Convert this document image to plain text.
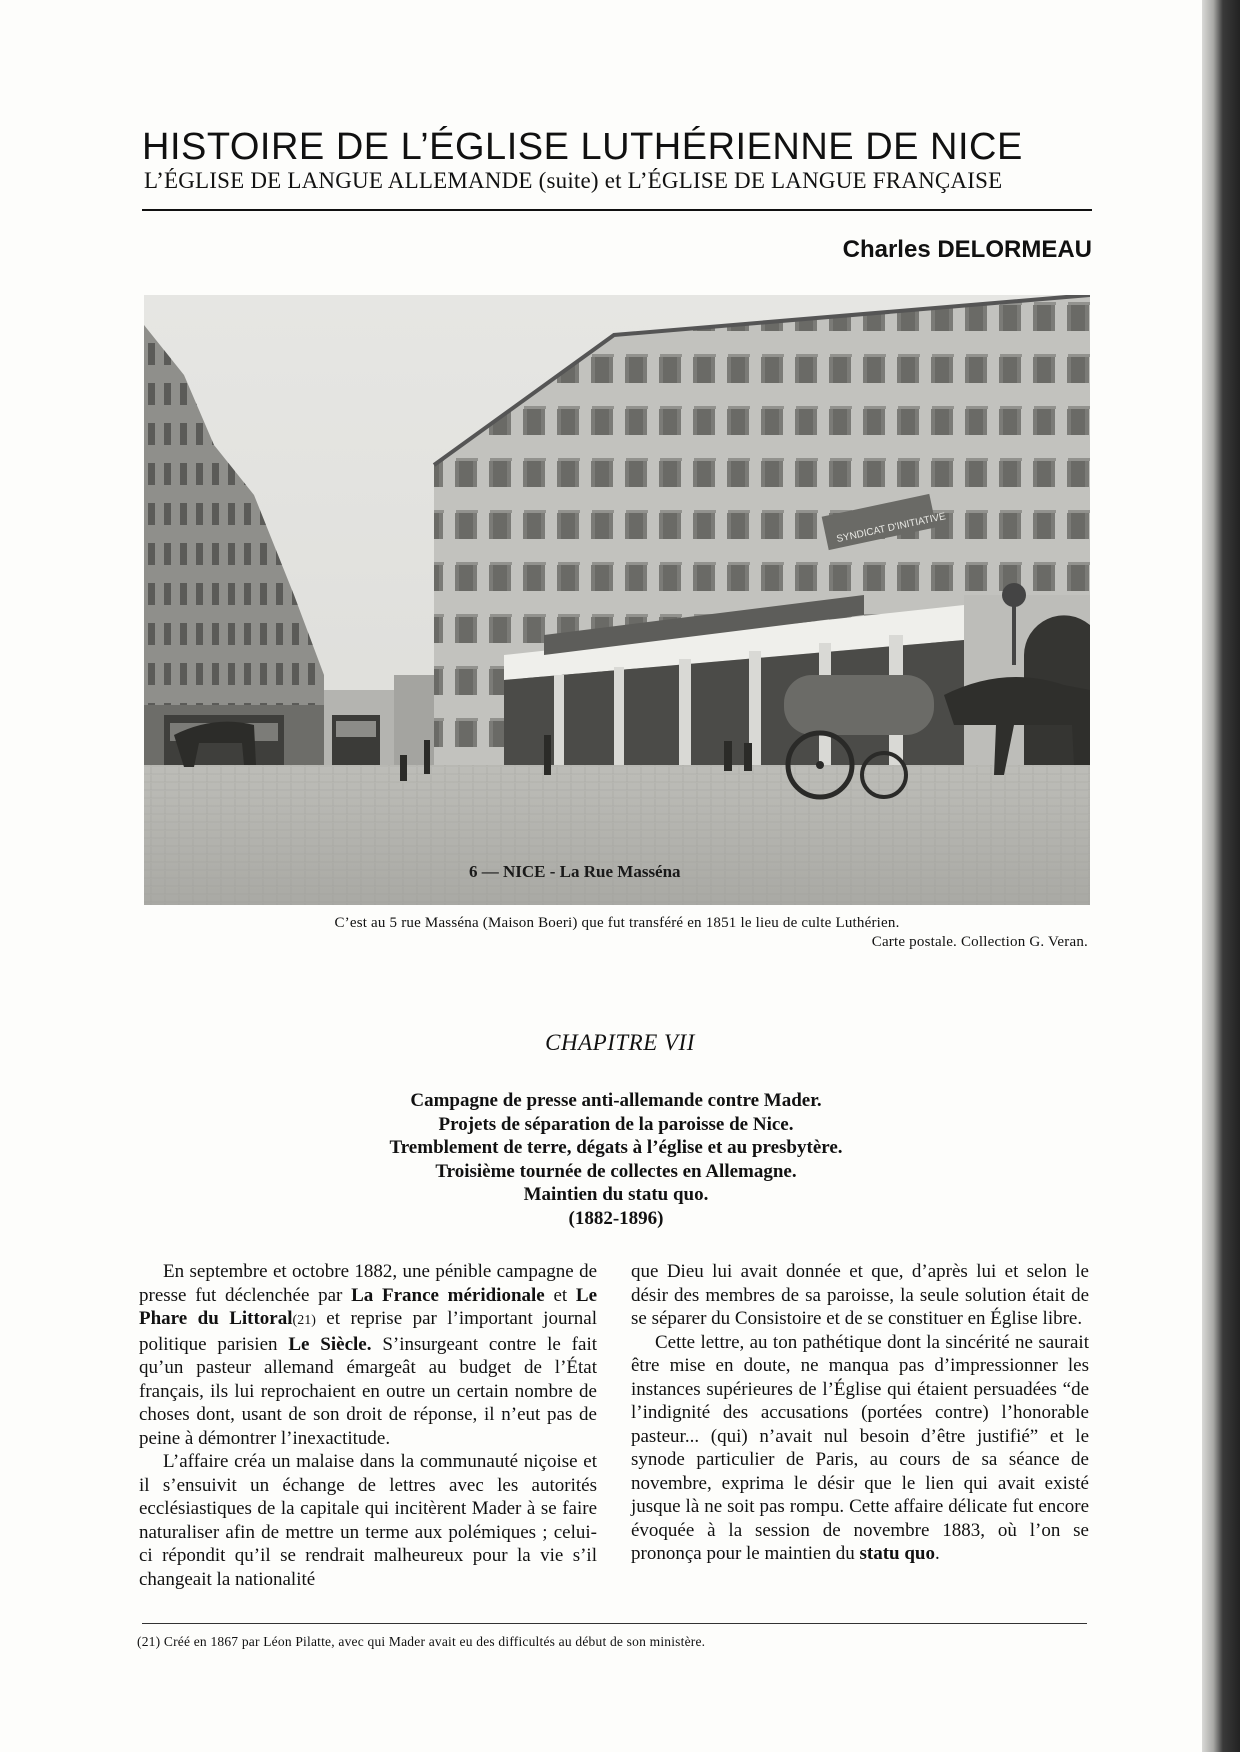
HISTOIRE DE L’ÉGLISE LUTHÉRIENNE DE NICE
L’ÉGLISE DE LANGUE ALLEMANDE (suite) et L’ÉGLISE DE LANGUE FRANÇAISE
Charles DELORMEAU
SYNDICAT D'INITIATIVE
6 — NICE - La Rue Masséna
C’est au 5 rue Masséna (Maison Boeri) que fut transféré en 1851 le lieu de culte Luthérien.
Carte postale. Collection G. Veran.
CHAPITRE VII
Campagne de presse anti-allemande contre Mader.
Projets de séparation de la paroisse de Nice.
Tremblement de terre, dégats à l’église et au presbytère.
Troisième tournée de collectes en Allemagne.
Maintien du statu quo.
(1882-1896)

En septembre et octobre 1882, une pénible campagne de presse fut déclenchée par La France méridionale et Le Phare du Littoral(21) et reprise par l’important journal politique parisien Le Siècle. S’insurgeant contre le fait qu’un pasteur allemand émargeât au budget de l’État français, ils lui reprochaient en outre un certain nombre de choses dont, usant de son droit de réponse, il n’eut pas de peine à démontrer l’inexactitude.

L’affaire créa un malaise dans la communauté niçoise et il s’ensuivit un échange de lettres avec les autorités ecclésiastiques de la capitale qui incitèrent Mader à se faire naturaliser afin de mettre un terme aux polémiques ; celui-ci répondit qu’il se rendrait malheureux pour la vie s’il changeait la nationalité

que Dieu lui avait donnée et que, d’après lui et selon le désir des membres de sa paroisse, la seule solution était de se séparer du Consistoire et de se constituer en Église libre.

Cette lettre, au ton pathétique dont la sincérité ne saurait être mise en doute, ne manqua pas d’impressionner les instances supérieures de l’Église qui étaient persuadées “de l’indignité des accusations (portées contre) l’honorable pasteur... (qui) n’avait nul besoin d’être justifié” et le synode particulier de Paris, au cours de sa séance de novembre, exprima le désir que le lien qui avait existé jusque là ne soit pas rompu. Cette affaire délicate fut encore évoquée à la session de novembre 1883, où l’on se prononça pour le maintien du statu quo.

(21) Créé en 1867 par Léon Pilatte, avec qui Mader avait eu des difficultés au début de son ministère.
